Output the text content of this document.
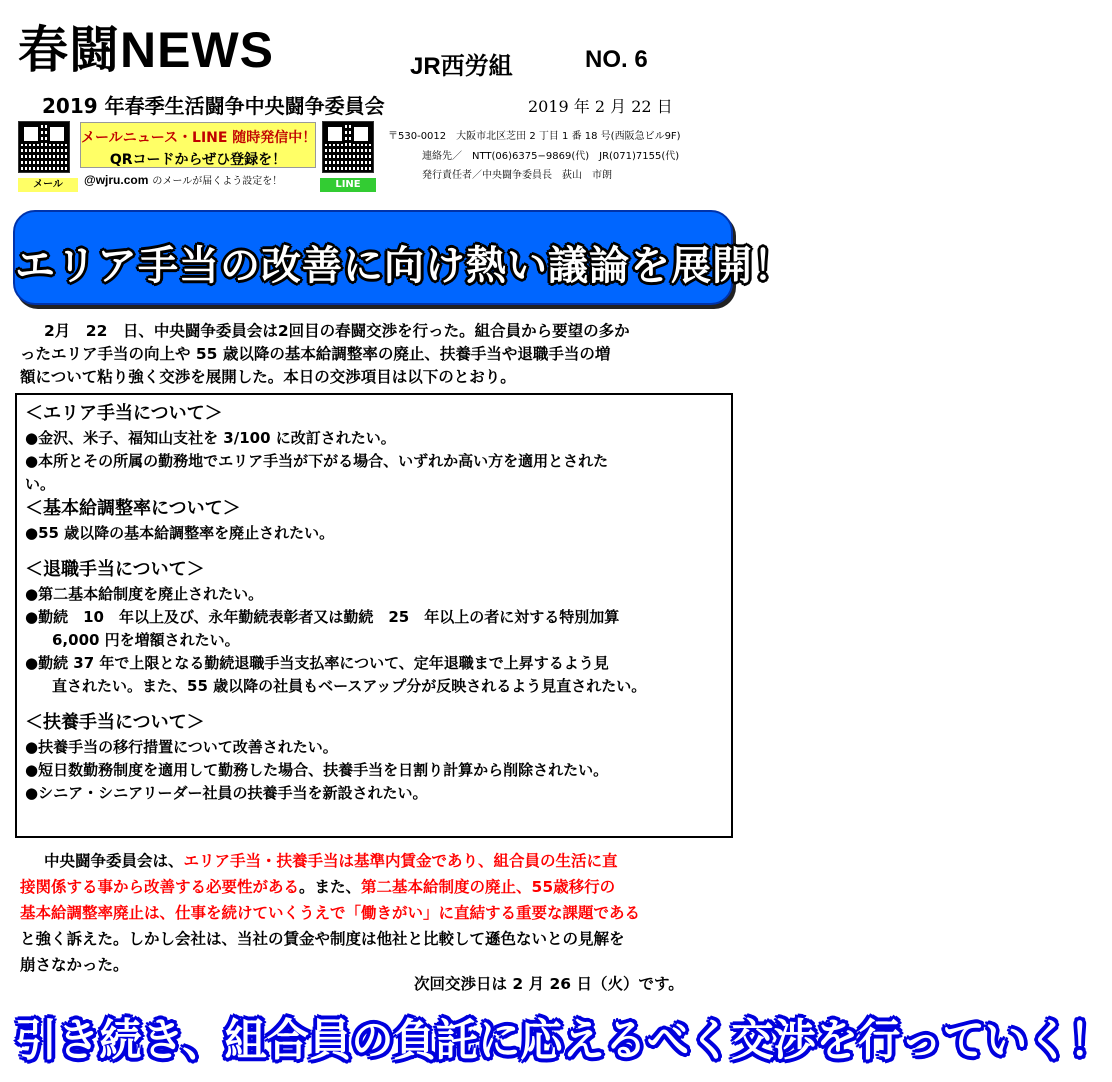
春闘NEWS	JR西労組	NO. 6
2019 年春季生活闘争中央闘争委員会	2019 年 2 月 22 日
メール
メールニュース・LINE 随時発信中！
QRコードからぜひ登録を！
@wjru.com のメールが届くよう設定を！	LINE
〒530-0012　大阪市北区芝田 2 丁目 1 番 18 号(西阪急ビル9F)
連絡先／　NTT(06)6375−9869(代)　JR(071)7155(代)
発行責任者／中央闘争委員長　荻山　市朗
エリア手当の改善に向け熱い議論を展開！

2月　22　日、中央闘争委員会は2回目の春闘交渉を行った。組合員から要望の多か

ったエリア手当の向上や 55 歳以降の基本給調整率の廃止、扶養手当や退職手当の増

額について粘り強く交渉を展開した。本日の交渉項目は以下のとおり。

＜エリア手当について＞
●金沢、米子、福知山支社を 3/100 に改訂されたい。
●本所とその所属の勤務地でエリア手当が下がる場合、いずれか高い方を適用とされた
い。
＜基本給調整率について＞
●55 歳以降の基本給調整率を廃止されたい。
＜退職手当について＞
●第二基本給制度を廃止されたい。
●勤続　10　年以上及び、永年勤続表彰者又は勤続　25　年以上の者に対する特別加算
6,000 円を増額されたい。
●勤続 37 年で上限となる勤続退職手当支払率について、定年退職まで上昇するよう見
直されたい。また、55 歳以降の社員もベースアップ分が反映されるよう見直されたい。
＜扶養手当について＞
●扶養手当の移行措置について改善されたい。
●短日数勤務制度を適用して勤務した場合、扶養手当を日割り計算から削除されたい。
●シニア・シニアリーダー社員の扶養手当を新設されたい。

中央闘争委員会は、エリア手当・扶養手当は基準内賃金であり、組合員の生活に直

接関係する事から改善する必要性がある。また、第二基本給制度の廃止、55歳移行の

基本給調整率廃止は、仕事を続けていくうえで「働きがい」に直結する重要な課題である

と強く訴えた。しかし会社は、当社の賃金や制度は他社と比較して遜色ないとの見解を

崩さなかった。

次回交渉日は 2 月 26 日（火）です。
引き続き、組合員の負託に応えるべく交渉を行っていく！
